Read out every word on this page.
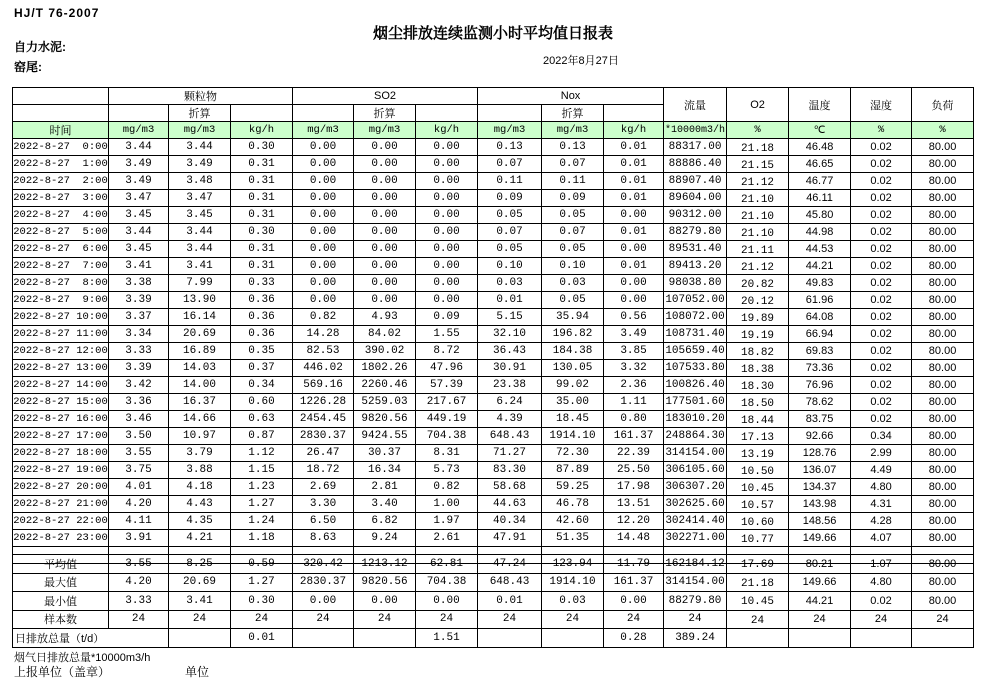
HJ/T 76-2007
烟尘排放连续监测小时平均值日报表
自力水泥:
窑尾:	2022年8月27日
	颗粒物			SO2			Nox			流量	O2	温度	湿度	负荷
		折算			折算			折算						
时间	mg/m3	mg/m3	kg/h	mg/m3	mg/m3	kg/h	mg/m3	mg/m3	kg/h	*10000m3/h	%	℃	%	%
2022-8-27  0:00	3.44	3.44	0.30	0.00	0.00	0.00	0.13	0.13	0.01	88317.00	21.18	46.48	0.02	80.00
2022-8-27  1:00	3.49	3.49	0.31	0.00	0.00	0.00	0.07	0.07	0.01	88886.40	21.15	46.65	0.02	80.00
2022-8-27  2:00	3.49	3.48	0.31	0.00	0.00	0.00	0.11	0.11	0.01	88907.40	21.12	46.77	0.02	80.00
2022-8-27  3:00	3.47	3.47	0.31	0.00	0.00	0.00	0.09	0.09	0.01	89604.00	21.10	46.11	0.02	80.00
2022-8-27  4:00	3.45	3.45	0.31	0.00	0.00	0.00	0.05	0.05	0.00	90312.00	21.10	45.80	0.02	80.00
2022-8-27  5:00	3.44	3.44	0.30	0.00	0.00	0.00	0.07	0.07	0.01	88279.80	21.10	44.98	0.02	80.00
2022-8-27  6:00	3.45	3.44	0.31	0.00	0.00	0.00	0.05	0.05	0.00	89531.40	21.11	44.53	0.02	80.00
2022-8-27  7:00	3.41	3.41	0.31	0.00	0.00	0.00	0.10	0.10	0.01	89413.20	21.12	44.21	0.02	80.00
2022-8-27  8:00	3.38	7.99	0.33	0.00	0.00	0.00	0.03	0.03	0.00	98038.80	20.82	49.83	0.02	80.00
2022-8-27  9:00	3.39	13.90	0.36	0.00	0.00	0.00	0.01	0.05	0.00	107052.00	20.12	61.96	0.02	80.00
2022-8-27 10:00	3.37	16.14	0.36	0.82	4.93	0.09	5.15	35.94	0.56	108072.00	19.89	64.08	0.02	80.00
2022-8-27 11:00	3.34	20.69	0.36	14.28	84.02	1.55	32.10	196.82	3.49	108731.40	19.19	66.94	0.02	80.00
2022-8-27 12:00	3.33	16.89	0.35	82.53	390.02	8.72	36.43	184.38	3.85	105659.40	18.82	69.83	0.02	80.00
2022-8-27 13:00	3.39	14.03	0.37	446.02	1802.26	47.96	30.91	130.05	3.32	107533.80	18.38	73.36	0.02	80.00
2022-8-27 14:00	3.42	14.00	0.34	569.16	2260.46	57.39	23.38	99.02	2.36	100826.40	18.30	76.96	0.02	80.00
2022-8-27 15:00	3.36	16.37	0.60	1226.28	5259.03	217.67	6.24	35.00	1.11	177501.60	18.50	78.62	0.02	80.00
2022-8-27 16:00	3.46	14.66	0.63	2454.45	9820.56	449.19	4.39	18.45	0.80	183010.20	18.44	83.75	0.02	80.00
2022-8-27 17:00	3.50	10.97	0.87	2830.37	9424.55	704.38	648.43	1914.10	161.37	248864.30	17.13	92.66	0.34	80.00
2022-8-27 18:00	3.55	3.79	1.12	26.47	30.37	8.31	71.27	72.30	22.39	314154.00	13.19	128.76	2.99	80.00
2022-8-27 19:00	3.75	3.88	1.15	18.72	16.34	5.73	83.30	87.89	25.50	306105.60	10.50	136.07	4.49	80.00
2022-8-27 20:00	4.01	4.18	1.23	2.69	2.81	0.82	58.68	59.25	17.98	306307.20	10.45	134.37	4.80	80.00
2022-8-27 21:00	4.20	4.43	1.27	3.30	3.40	1.00	44.63	46.78	13.51	302625.60	10.57	143.98	4.31	80.00
2022-8-27 22:00	4.11	4.35	1.24	6.50	6.82	1.97	40.34	42.60	12.20	302414.40	10.60	148.56	4.28	80.00
2022-8-27 23:00	3.91	4.21	1.18	8.63	9.24	2.61	47.91	51.35	14.48	302271.00	10.77	149.66	4.07	80.00

平均值	3.55	8.25	0.59	320.42	1213.12	62.81	47.24	123.94	11.79	162184.12	17.69	80.21	1.07	80.00
最大值	4.20	20.69	1.27	2830.37	9820.56	704.38	648.43	1914.10	161.37	314154.00	21.18	149.66	4.80	80.00
最小值	3.33	3.41	0.30	0.00	0.00	0.00	0.01	0.03	0.00	88279.80	10.45	44.21	0.02	80.00
样本数	24	24	24	24	24	24	24	24	24	24	24	24	24	24
日排放总量（t/d）			0.01			1.51			0.28	389.24				
烟气日排放总量*10000m3/h
上报单位（盖章）	单位
